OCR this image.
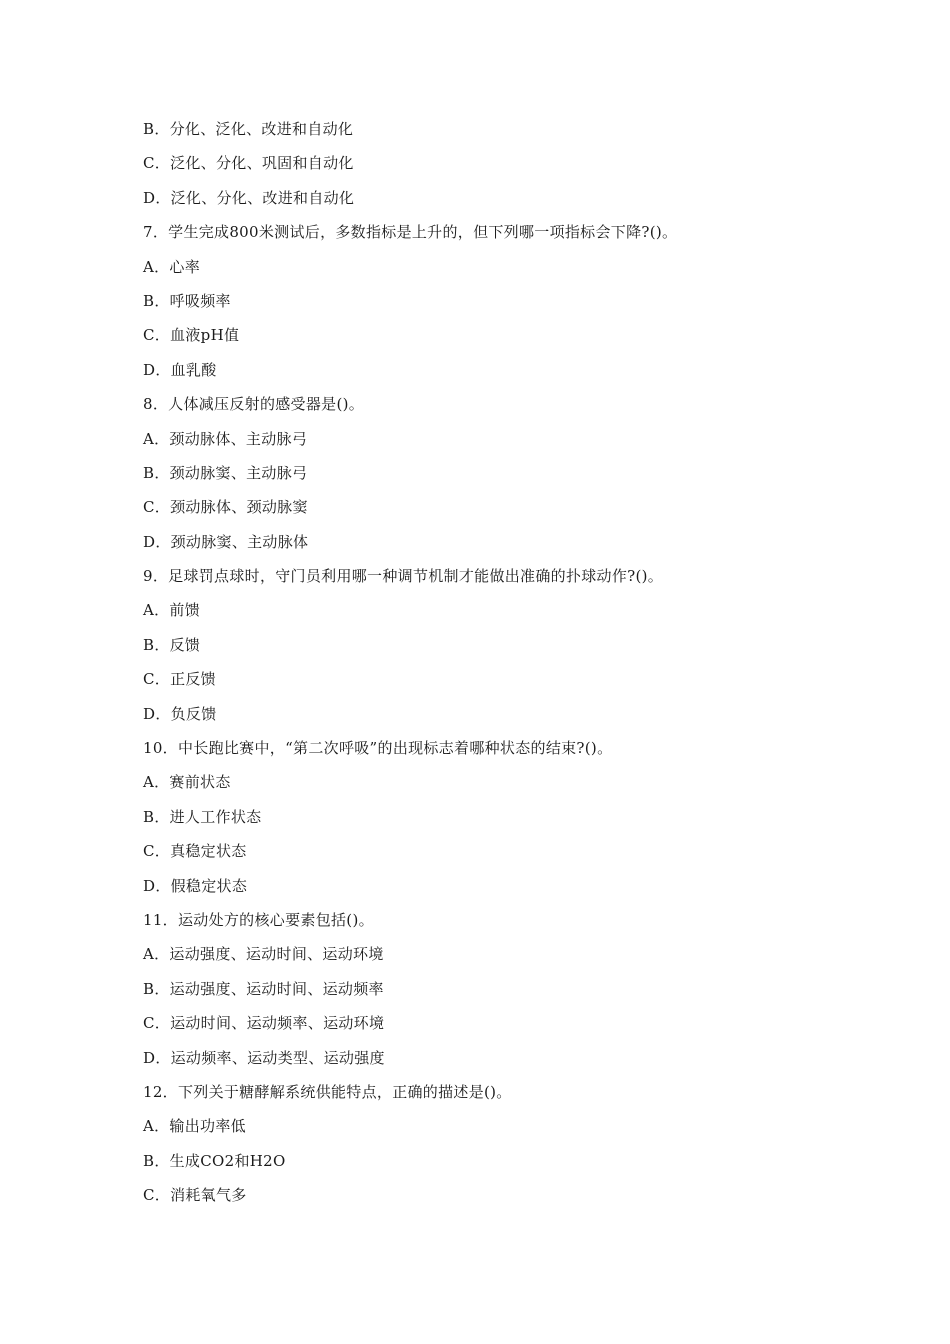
B．分化、泛化、改进和自动化
C．泛化、分化、巩固和自动化
D．泛化、分化、改进和自动化
7．学生完成800米测试后，多数指标是上升的，但下列哪一项指标会下降?()。
A．心率
B．呼吸频率
C．血液pH值
D．血乳酸
8．人体减压反射的感受器是()。
A．颈动脉体、主动脉弓
B．颈动脉窦、主动脉弓
C．颈动脉体、颈动脉窦
D．颈动脉窦、主动脉体
9．足球罚点球时，守门员利用哪一种调节机制才能做出准确的扑球动作?()。
A．前馈
B．反馈
C．正反馈
D．负反馈
10．中长跑比赛中，“第二次呼吸”的出现标志着哪种状态的结束?()。
A．赛前状态
B．进人工作状态
C．真稳定状态
D．假稳定状态
11．运动处方的核心要素包括()。
A．运动强度、运动时间、运动环境
B．运动强度、运动时间、运动频率
C．运动时间、运动频率、运动环境
D．运动频率、运动类型、运动强度
12．下列关于糖酵解系统供能特点，正确的描述是()。
A．输出功率低
B．生成CO2和H2O
C．消耗氧气多
